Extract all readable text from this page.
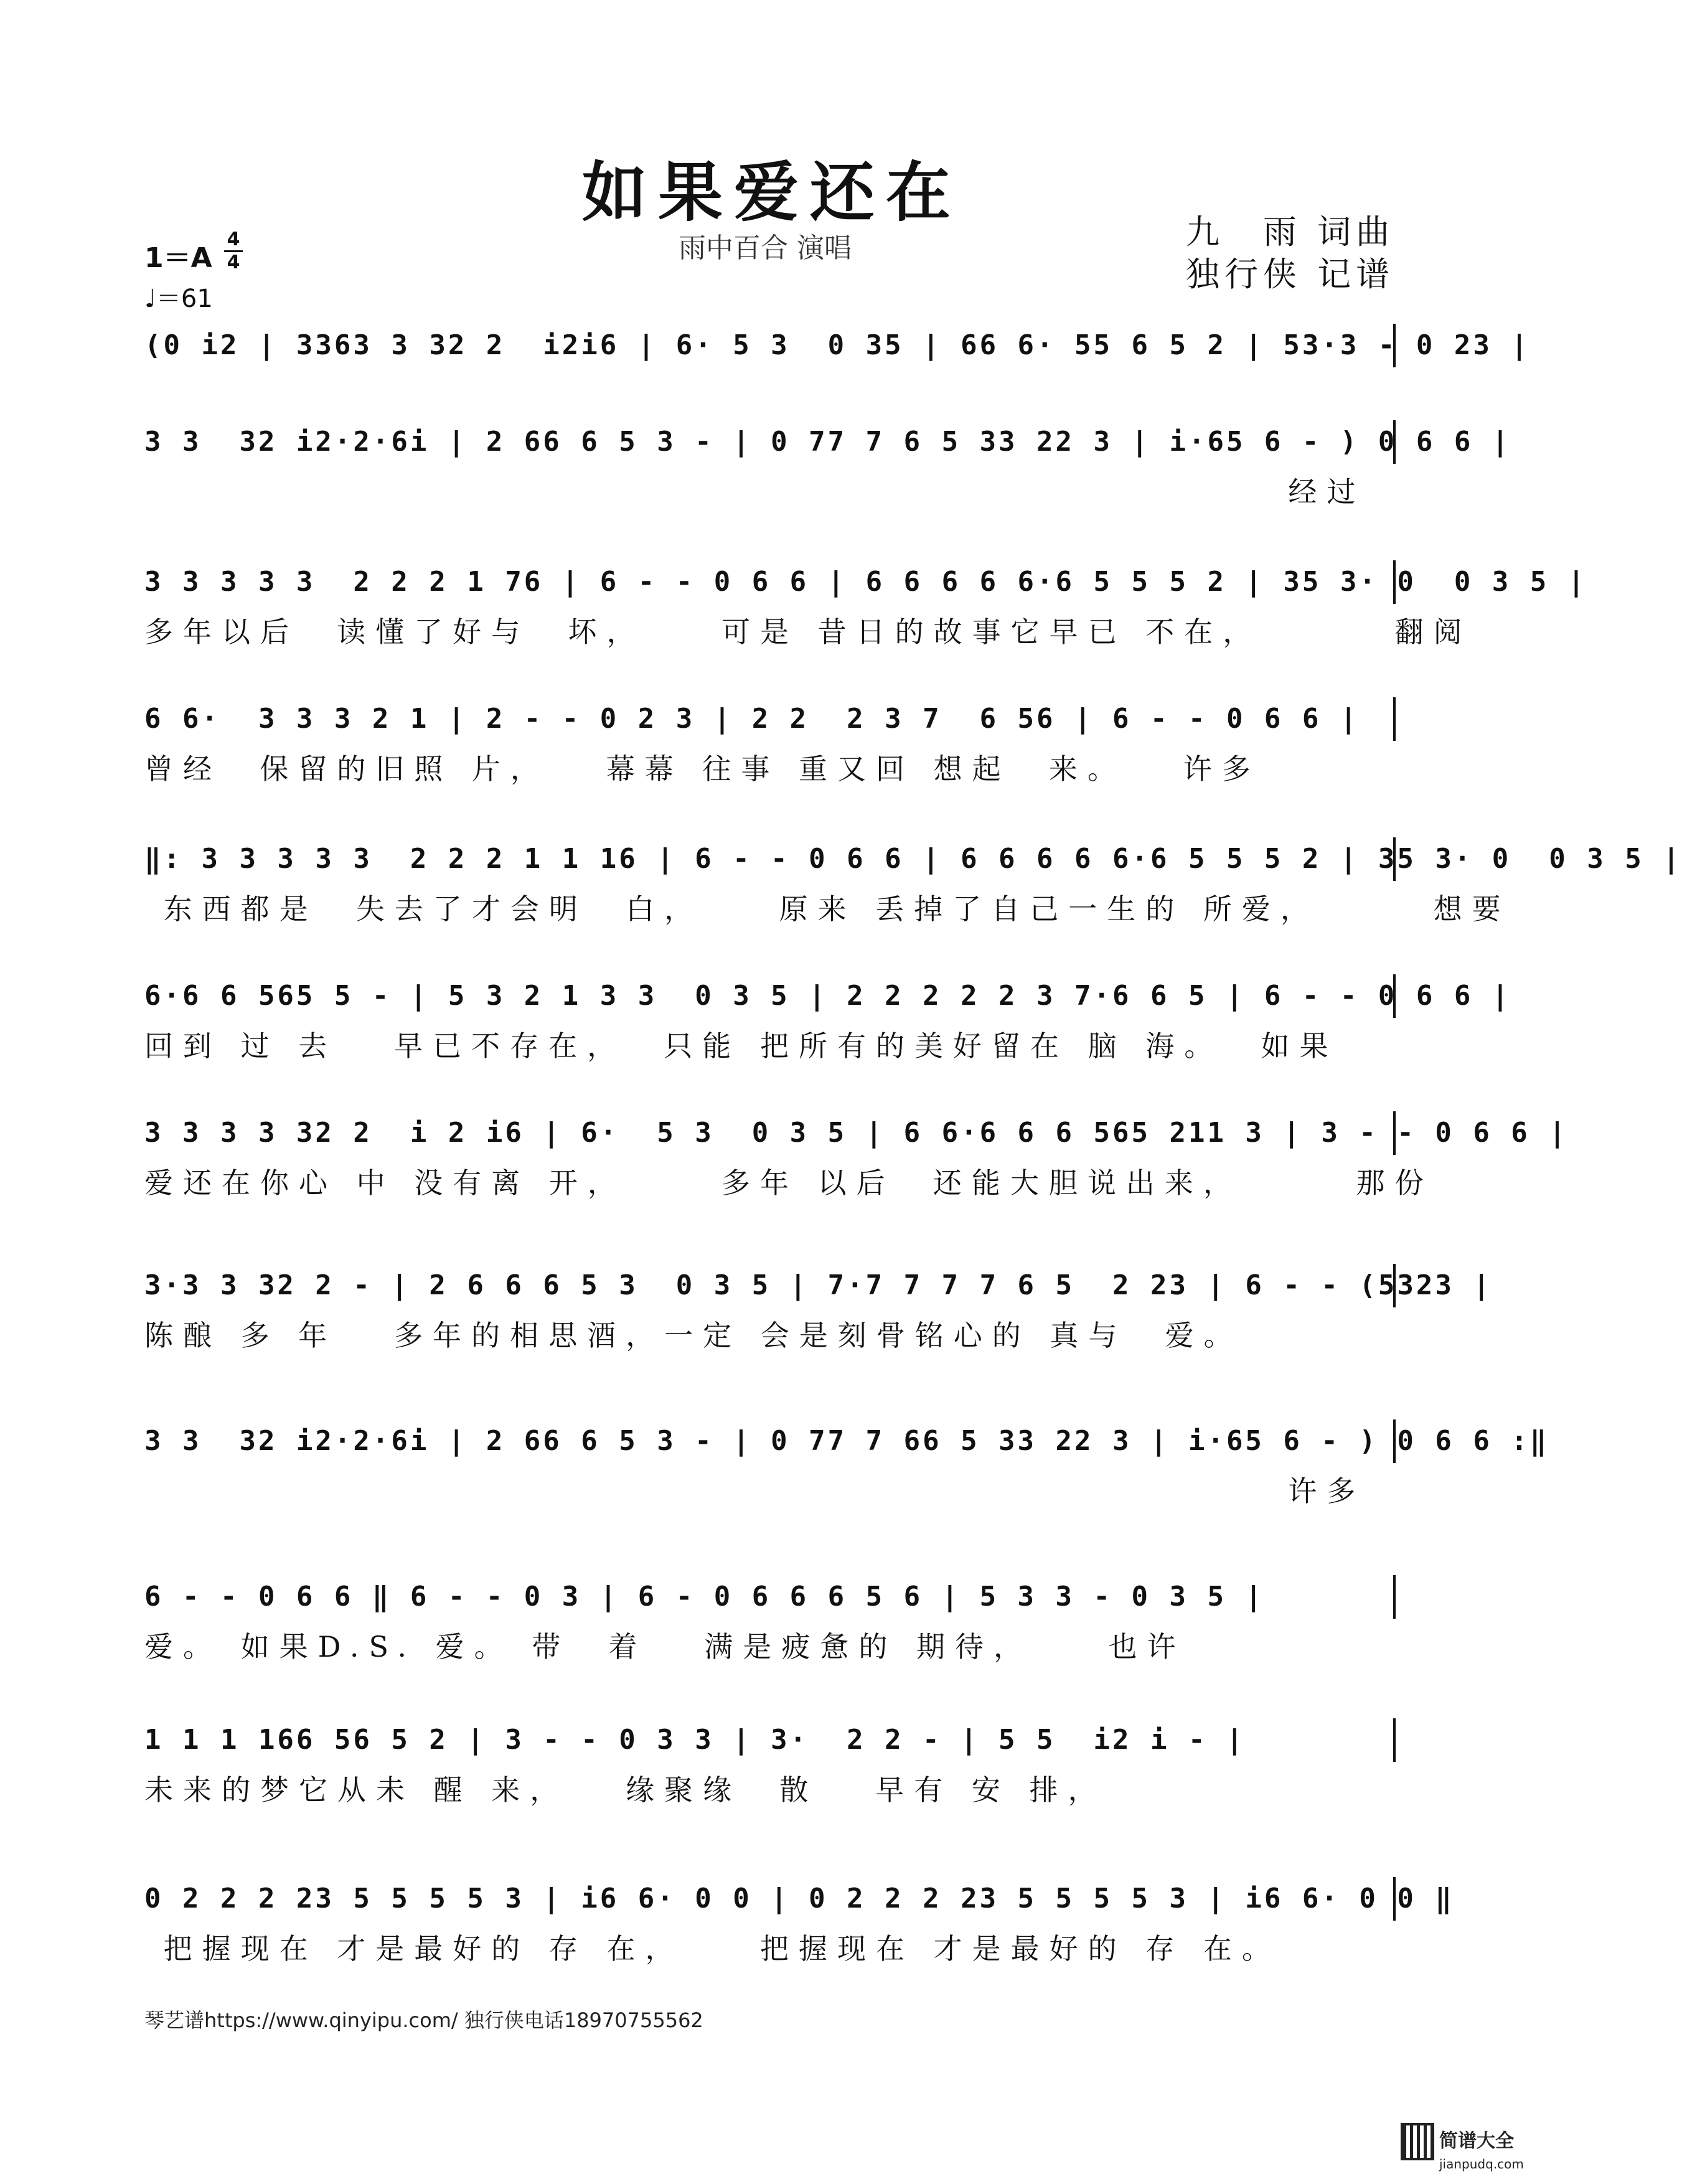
如果爱还在
雨中百合 演唱	九　雨 词曲
独行侠 记谱
1＝A
4
4
♩＝61
(0 i2 | 3363 3 32 2  i2i6 | 6· 5 3  0 35 | 66 6· 55 6 5 2 | 53·3 - 0 23 |
3 3  32 i2·2·6i | 2 66 6 5 3 - | 0 77 7 6 5 33 22 3 | i·65 6 - ) 0 6 6 |
经过
3 3 3 3 3  2 2 2 1 76 | 6 - - 0 6 6 | 6 6 6 6 6·6 5 5 5 2 | 35 3· 0  0 3 5 |
多年以后  读懂了好与  坏，    可是 昔日的故事它早已 不在，       翻阅
6 6·  3 3 3 2 1 | 2 - - 0 2 3 | 2 2  2 3 7  6 56 | 6 - - 0 6 6 |
曾经  保留的旧照 片，   幕幕 往事 重又回 想起  来。   许多
‖: 3 3 3 3 3  2 2 2 1 1 16 | 6 - - 0 6 6 | 6 6 6 6 6·6 5 5 5 2 | 35 3· 0  0 3 5 |
东西都是  失去了才会明  白，    原来 丢掉了自己一生的 所爱，      想要
6·6 6 565 5 - | 5 3 2 1 3 3  0 3 5 | 2 2 2 2 2 3 7·6 6 5 | 6 - - 0 6 6 |
回到 过 去   早已不存在，  只能 把所有的美好留在 脑 海。  如果
3 3 3 3 32 2  i 2 i6 | 6·  5 3  0 3 5 | 6 6·6 6 6 565 211 3 | 3 - - 0 6 6 |
爱还在你心 中 没有离 开，     多年 以后  还能大胆说出来，      那份
3·3 3 32 2 - | 2 6 6 6 5 3  0 3 5 | 7·7 7 7 7 6 5  2 23 | 6 - - (5323 |
陈酿 多 年   多年的相思酒，一定 会是刻骨铭心的 真与  爱。
3 3  32 i2·2·6i | 2 66 6 5 3 - | 0 77 7 66 5 33 22 3 | i·65 6 - ) 0 6 6 :‖
许多
6 - - 0 6 6 ‖ 6 - - 0 3 | 6 - 0 6 6 6 5 6 | 5 3 3 - 0 3 5 |
爱。 如果D.S. 爱。 带  着   满是疲惫的 期待，    也许
1 1 1 166 56 5 2 | 3 - - 0 3 3 | 3·  2 2 - | 5 5  i2 i - |
未来的梦它从未 醒 来，   缘聚缘  散   早有 安 排，
0 2 2 2 23 5 5 5 5 3 | i6 6· 0 0 | 0 2 2 2 23 5 5 5 5 3 | i6 6· 0 0 ‖
把握现在 才是最好的 存 在，    把握现在 才是最好的 存 在。
琴艺谱https://www.qinyipu.com/ 独行侠电话18970755562
简谱大全
jianpudq.com
